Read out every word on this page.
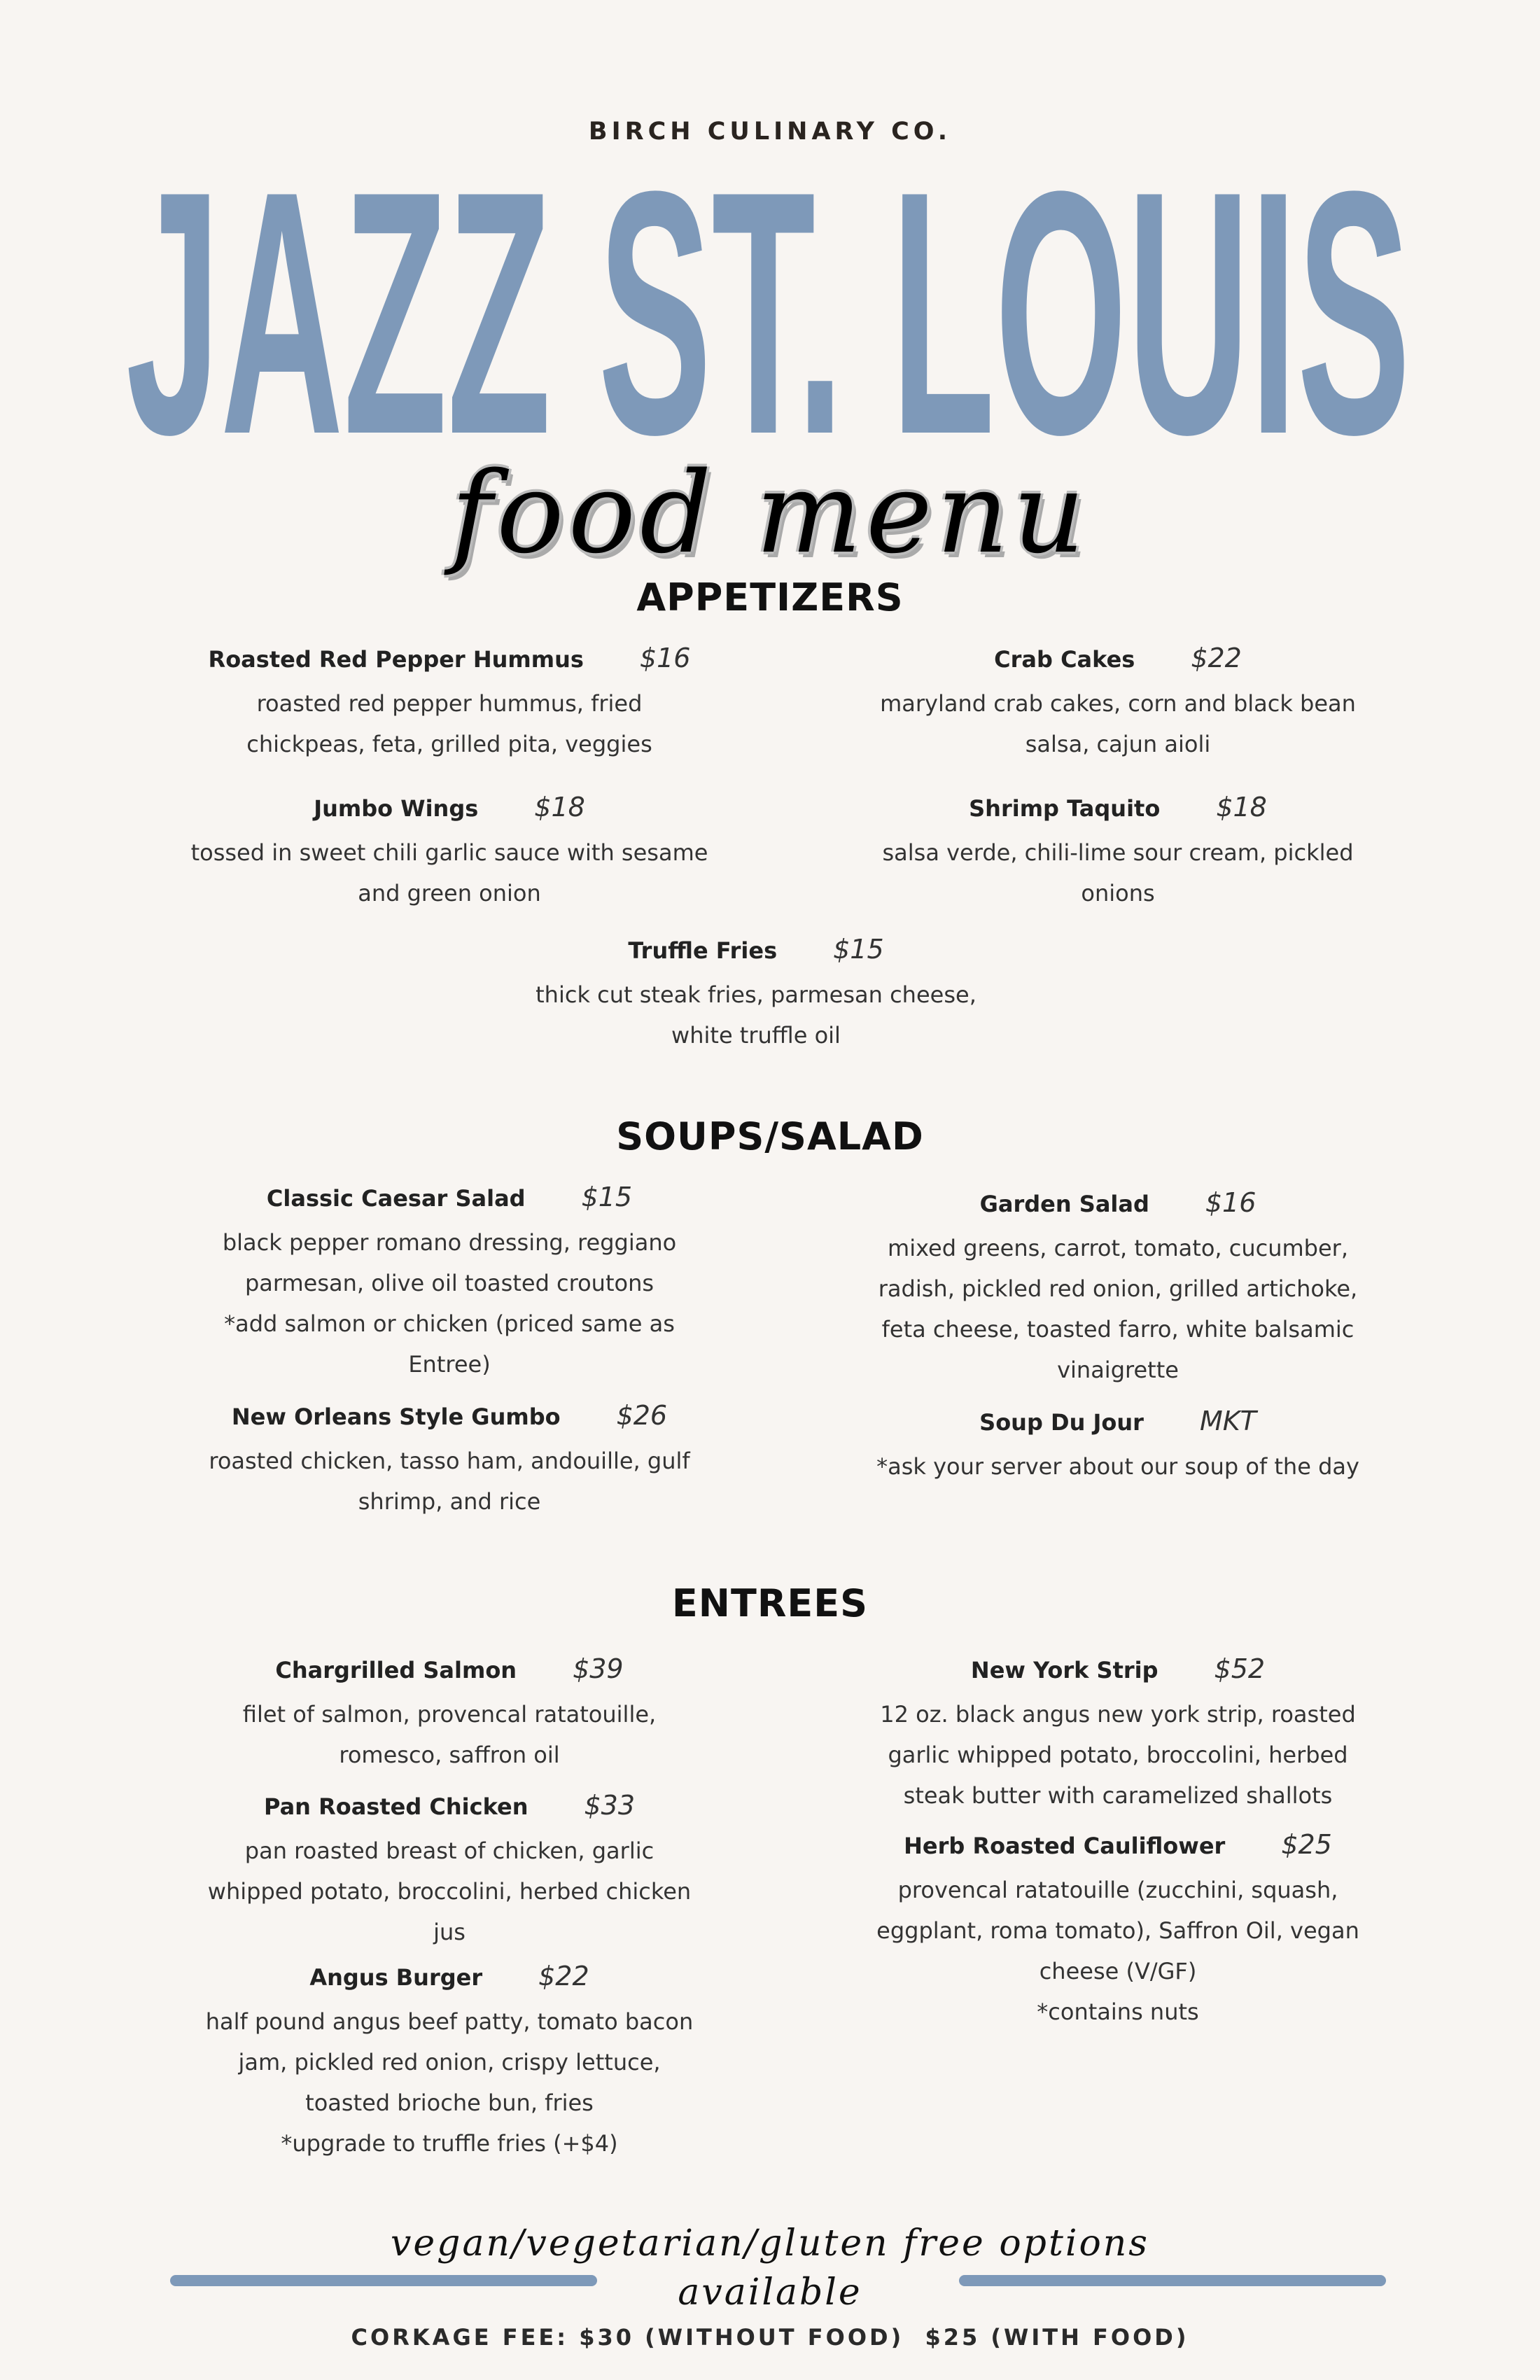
BIRCH CULINARY CO.
JAZZ ST. LOUIS
food menu
APPETIZERS
SOUPS/SALAD
ENTREES
Roasted Red Pepper Hummus $16
roasted red pepper hummus, fried
chickpeas, feta, grilled pita, veggies
Crab Cakes $22
maryland crab cakes, corn and black bean
salsa, cajun aioli
Jumbo Wings $18
tossed in sweet chili garlic sauce with sesame
and green onion
Shrimp Taquito $18
salsa verde, chili-lime sour cream, pickled
onions
Truffle Fries $15
thick cut steak fries, parmesan cheese,
white truffle oil
Classic Caesar Salad $15
black pepper romano dressing, reggiano
parmesan, olive oil toasted croutons
*add salmon or chicken (priced same as
Entree)
Garden Salad $16
mixed greens, carrot, tomato, cucumber,
radish, pickled red onion, grilled artichoke,
feta cheese, toasted farro, white balsamic
vinaigrette
New Orleans Style Gumbo $26
roasted chicken, tasso ham, andouille, gulf
shrimp, and rice
Soup Du Jour MKT
*ask your server about our soup of the day
Chargrilled Salmon $39
filet of salmon, provencal ratatouille,
romesco, saffron oil
New York Strip $52
12 oz. black angus new york strip, roasted
garlic whipped potato, broccolini, herbed
steak butter with caramelized shallots
Pan Roasted Chicken $33
pan roasted breast of chicken, garlic
whipped potato, broccolini, herbed chicken
jus
Herb Roasted Cauliflower $25
provencal ratatouille (zucchini, squash,
eggplant, roma tomato), Saffron Oil, vegan
cheese (V/GF)
*contains nuts
Angus Burger $22
half pound angus beef patty, tomato bacon
jam, pickled red onion, crispy lettuce,
toasted brioche bun, fries
*upgrade to truffle fries (+$4)
vegan/vegetarian/gluten free options
available
CORKAGE FEE: $30 (WITHOUT FOOD)  $25 (WITH FOOD)
